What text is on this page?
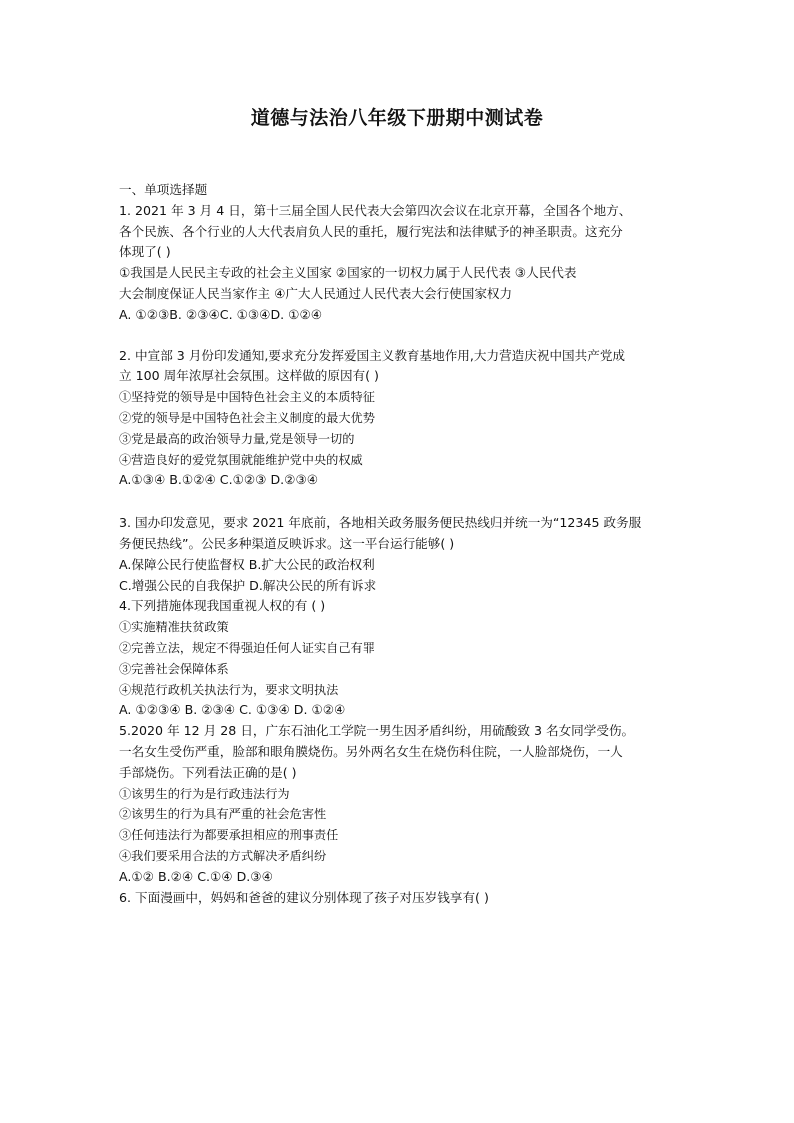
道德与法治八年级下册期中测试卷
一、单项选择题
1. 2021 年 3 月 4 日，第十三届全国人民代表大会第四次会议在北京开幕，全国各个地方、
各个民族、各个行业的人大代表肩负人民的重托，履行宪法和法律赋予的神圣职责。这充分
体现了( )
①我国是人民民主专政的社会主义国家 ②国家的一切权力属于人民代表 ③人民代表
大会制度保证人民当家作主 ④广大人民通过人民代表大会行使国家权力
A. ①②③B. ②③④C. ①③④D. ①②④
2. 中宣部 3 月份印发通知,要求充分发挥爱国主义教育基地作用,大力营造庆祝中国共产党成
立 100 周年浓厚社会氛围。这样做的原因有( )
①坚持党的领导是中国特色社会主义的本质特征
②党的领导是中国特色社会主义制度的最大优势
③党是最高的政治领导力量,党是领导一切的
④营造良好的爱党氛围就能维护党中央的权威
A.①③④ B.①②④ C.①②③ D.②③④
3. 国办印发意见，要求 2021 年底前，各地相关政务服务便民热线归并统一为“12345 政务服
务便民热线”。公民多种渠道反映诉求。这一平台运行能够( )
A.保障公民行使监督权 B.扩大公民的政治权利
C.增强公民的自我保护 D.解决公民的所有诉求
4.下列措施体现我国重视人权的有 ( )
①实施精准扶贫政策
②完善立法，规定不得强迫任何人证实自己有罪
③完善社会保障体系
④规范行政机关执法行为，要求文明执法
A. ①②③④ B. ②③④ C. ①③④ D. ①②④
5.2020 年 12 月 28 日，广东石油化工学院一男生因矛盾纠纷，用硫酸致 3 名女同学受伤。
一名女生受伤严重，脸部和眼角膜烧伤。另外两名女生在烧伤科住院，一人脸部烧伤，一人
手部烧伤。下列看法正确的是( )
①该男生的行为是行政违法行为
②该男生的行为具有严重的社会危害性
③任何违法行为都要承担相应的刑事责任
④我们要采用合法的方式解决矛盾纠纷
A.①② B.②④ C.①④ D.③④
6. 下面漫画中，妈妈和爸爸的建议分别体现了孩子对压岁钱享有( )
